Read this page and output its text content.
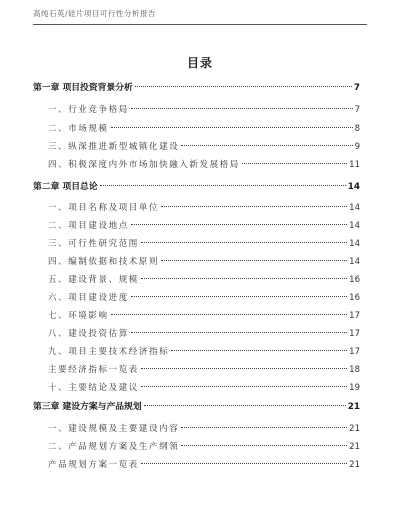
高纯石英/硅片项目可行性分析报告
目录
第一章 项目投资背景分析	7
一、行业竞争格局	7
二、市场规模	8
三、纵深推进新型城镇化建设	9
四、积极深度内外市场加快融入新发展格局	11
第二章 项目总论	14
一、项目名称及项目单位	14
二、项目建设地点	14
三、可行性研究范围	14
四、编制依据和技术原则	14
五、建设背景、规模	16
六、项目建设进度	16
七、环境影响	17
八、建设投资估算	17
九、项目主要技术经济指标	17
主要经济指标一览表	18
十、主要结论及建议	19
第三章 建设方案与产品规划	21
一、建设规模及主要建设内容	21
二、产品规划方案及生产纲领	21
产品规划方案一览表	21
